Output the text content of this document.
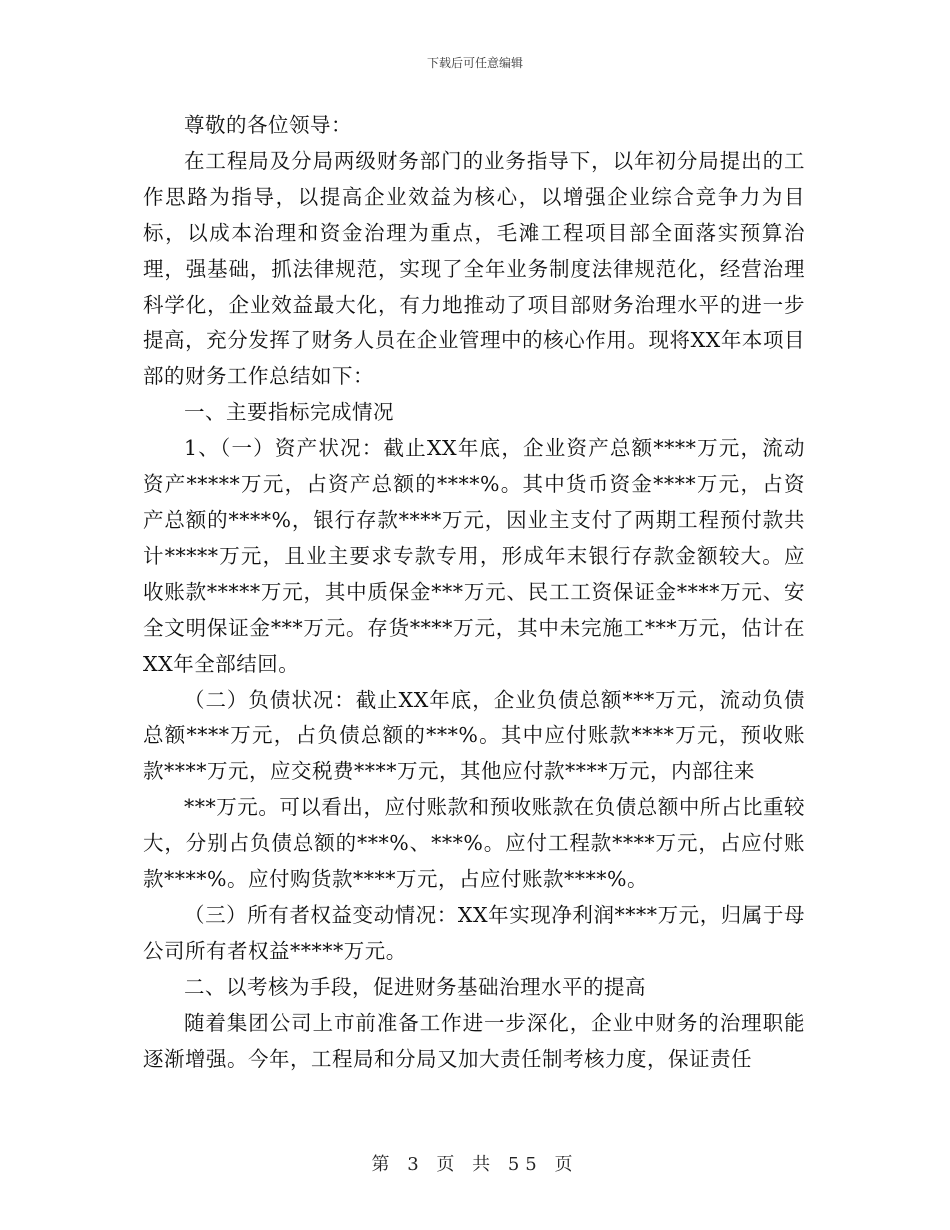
下载后可任意编辑

尊敬的各位领导：

在工程局及分局两级财务部门的业务指导下，以年初分局提出的工作思路为指导，以提高企业效益为核心，以增强企业综合竞争力为目标，以成本治理和资金治理为重点，毛滩工程项目部全面落实预算治理，强基础，抓法律规范，实现了全年业务制度法律规范化，经营治理科学化，企业效益最大化，有力地推动了项目部财务治理水平的进一步提高，充分发挥了财务人员在企业管理中的核心作用。现将XX年本项目部的财务工作总结如下：

一、主要指标完成情况

1、（一）资产状况：截止XX年底，企业资产总额****万元，流动资产*****万元，占资产总额的****%。其中货币资金****万元，占资产总额的****%，银行存款****万元，因业主支付了两期工程预付款共计*****万元，且业主要求专款专用，形成年末银行存款金额较大。应收账款*****万元，其中质保金***万元、民工工资保证金****万元、安全文明保证金***万元。存货****万元，其中未完施工***万元，估计在XX年全部结回。

（二）负债状况：截止XX年底，企业负债总额***万元，流动负债总额****万元，占负债总额的***%。其中应付账款****万元，预收账款****万元，应交税费****万元，其他应付款****万元，内部往来

***万元。可以看出，应付账款和预收账款在负债总额中所占比重较大，分别占负债总额的***%、***%。应付工程款****万元，占应付账款****%。应付购货款****万元，占应付账款****%。

（三）所有者权益变动情况：XX年实现净利润****万元，归属于母公司所有者权益*****万元。

二、以考核为手段，促进财务基础治理水平的提高

随着集团公司上市前准备工作进一步深化，企业中财务的治理职能逐渐增强。今年，工程局和分局又加大责任制考核力度，保证责任

第 3 页 共 55 页
